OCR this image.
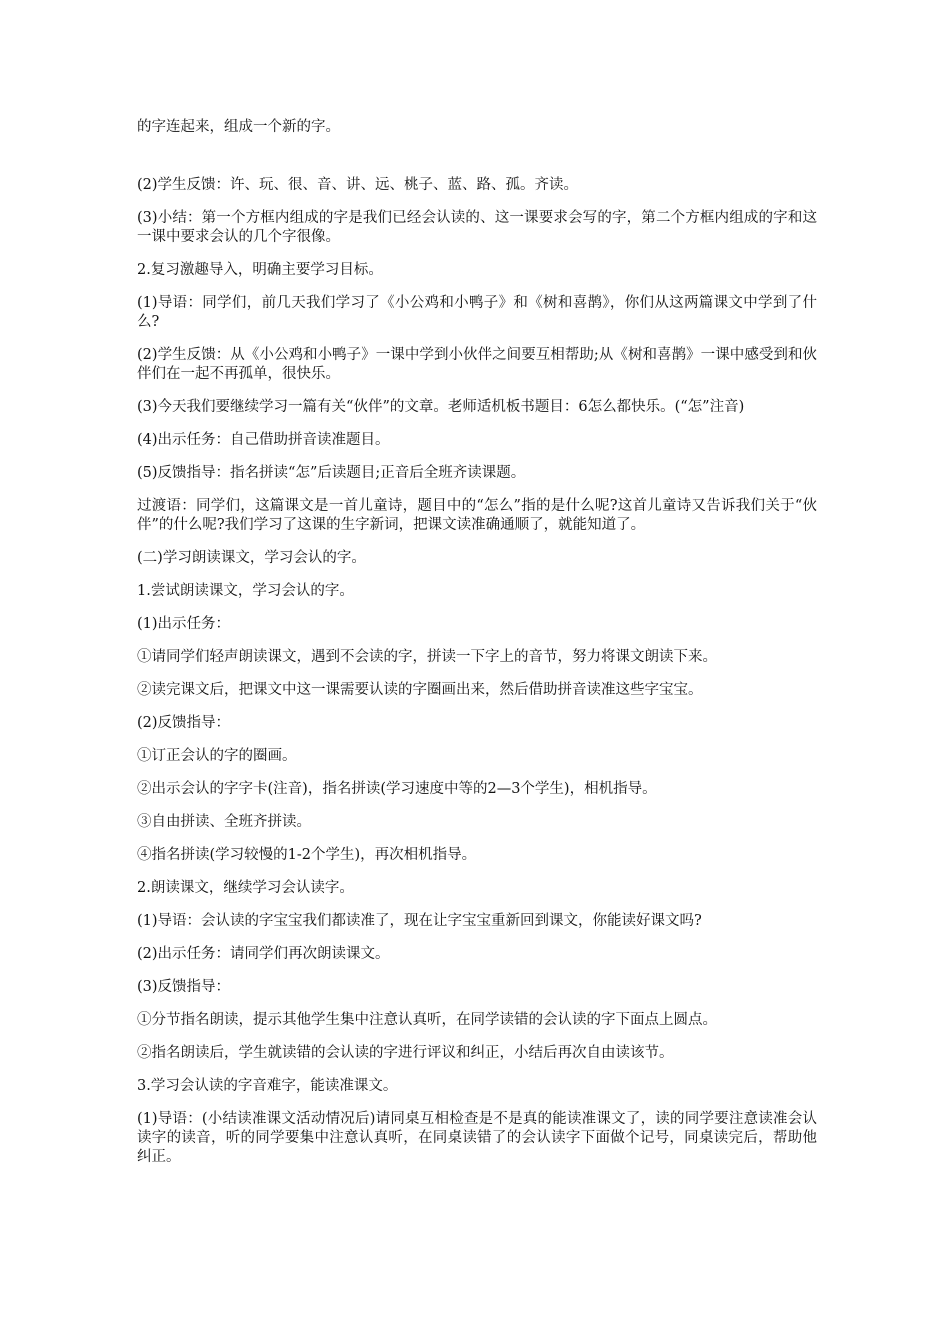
的字连起来，组成一个新的字。

(2)学生反馈：许、玩、很、音、讲、远、桃子、蓝、路、孤。齐读。

(3)小结：第一个方框内组成的字是我们已经会认读的、这一课要求会写的字，第二个方框内组成的字和这一课中要求会认的几个字很像。

2.复习激趣导入，明确主要学习目标。

(1)导语：同学们，前几天我们学习了《小公鸡和小鸭子》和《树和喜鹊》，你们从这两篇课文中学到了什么?

(2)学生反馈：从《小公鸡和小鸭子》一课中学到小伙伴之间要互相帮助;从《树和喜鹊》一课中感受到和伙伴们在一起不再孤单，很快乐。

(3)今天我们要继续学习一篇有关“伙伴”的文章。老师适机板书题目：6怎么都快乐。(“怎”注音)

(4)出示任务：自己借助拼音读准题目。

(5)反馈指导：指名拼读“怎”后读题目;正音后全班齐读课题。

过渡语：同学们，这篇课文是一首儿童诗，题目中的“怎么”指的是什么呢?这首儿童诗又告诉我们关于“伙伴”的什么呢?我们学习了这课的生字新词，把课文读准确通顺了，就能知道了。

(二)学习朗读课文，学习会认的字。

1.尝试朗读课文，学习会认的字。

(1)出示任务：

①请同学们轻声朗读课文，遇到不会读的字，拼读一下字上的音节，努力将课文朗读下来。

②读完课文后，把课文中这一课需要认读的字圈画出来，然后借助拼音读准这些字宝宝。

(2)反馈指导：

①订正会认的字的圈画。

②出示会认的字字卡(注音)，指名拼读(学习速度中等的2—3个学生)，相机指导。

③自由拼读、全班齐拼读。

④指名拼读(学习较慢的1-2个学生)，再次相机指导。

2.朗读课文，继续学习会认读字。

(1)导语：会认读的字宝宝我们都读准了，现在让字宝宝重新回到课文，你能读好课文吗?

(2)出示任务：请同学们再次朗读课文。

(3)反馈指导：

①分节指名朗读，提示其他学生集中注意认真听，在同学读错的会认读的字下面点上圆点。

②指名朗读后，学生就读错的会认读的字进行评议和纠正，小结后再次自由读该节。

3.学习会认读的字音难字，能读准课文。

(1)导语：(小结读准课文活动情况后)请同桌互相检查是不是真的能读准课文了，读的同学要注意读准会认读字的读音，听的同学要集中注意认真听，在同桌读错了的会认读字下面做个记号，同桌读完后，帮助他纠正。
